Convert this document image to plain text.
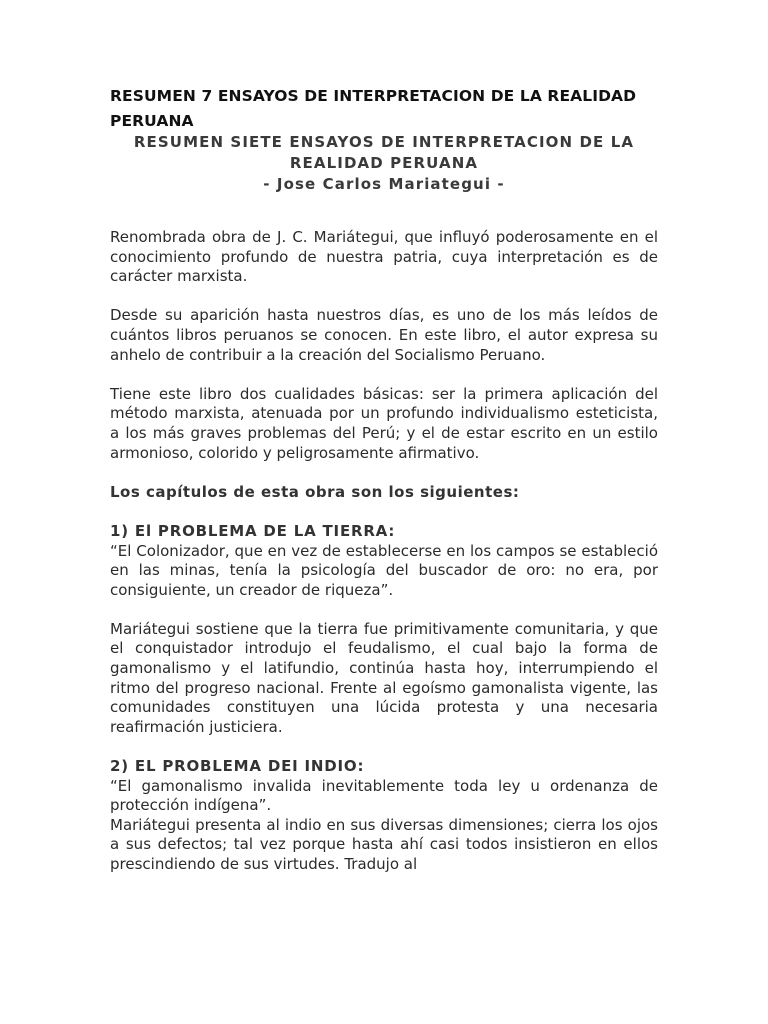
RESUMEN 7 ENSAYOS DE INTERPRETACION DE LA REALIDAD PERUANA
RESUMEN SIETE ENSAYOS DE INTERPRETACION DE LA
REALIDAD PERUANA
- Jose Carlos Mariategui -

Renombrada obra de J. C. Mariátegui, que influyó poderosamente en el conocimiento profundo de nuestra patria, cuya interpretación es de carácter marxista.

Desde su aparición hasta nuestros días, es uno de los más leídos de cuántos libros peruanos se conocen. En este libro, el autor expresa su anhelo de contribuir a la creación del Socialismo Peruano.

Tiene este libro dos cualidades básicas: ser la primera aplicación del método marxista, atenuada por un profundo individualismo esteticista, a los más graves problemas del Perú; y el de estar escrito en un estilo armonioso, colorido y peligrosamente afirmativo.

Los capítulos de esta obra son los siguientes:

1) El PROBLEMA DE LA TIERRA:

“El Colonizador, que en vez de establecerse en los campos se estableció en las minas, tenía la psicología del buscador de oro: no era, por consiguiente, un creador de riqueza”.

Mariátegui sostiene que la tierra fue primitivamente comunitaria, y que el conquistador introdujo el feudalismo, el cual bajo la forma de gamonalismo y el latifundio, continúa hasta hoy, interrumpiendo el ritmo del progreso nacional. Frente al egoísmo gamonalista vigente, las comunidades constituyen una lúcida protesta y una necesaria reafirmación justiciera.

2) EL PROBLEMA DEI INDIO:

“El gamonalismo invalida inevitablemente toda ley u ordenanza de protección indígena”.

Mariátegui presenta al indio en sus diversas dimensiones; cierra los ojos a sus defectos; tal vez porque hasta ahí casi todos insistieron en ellos prescindiendo de sus virtudes. Tradujo al
